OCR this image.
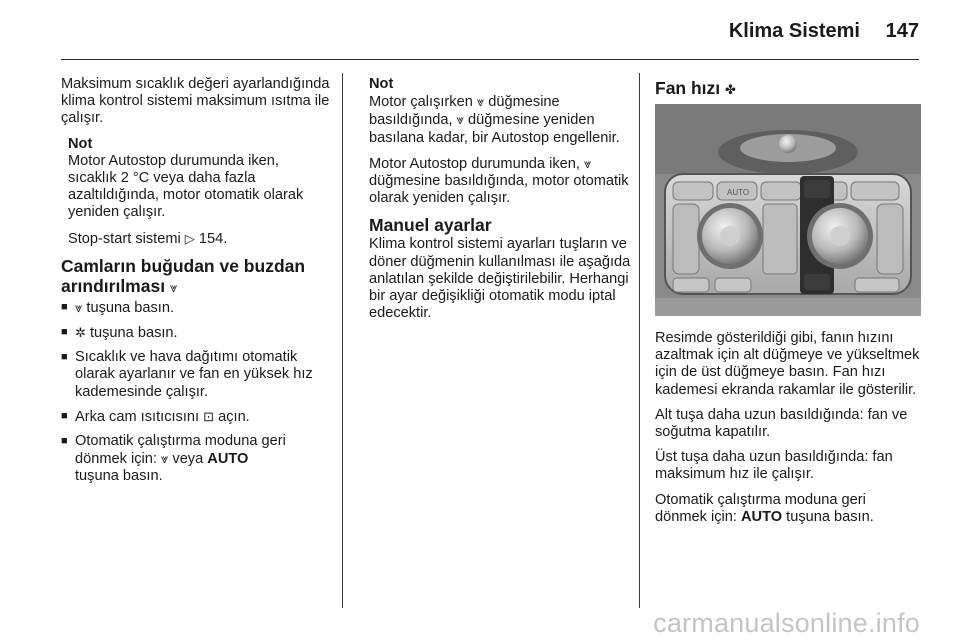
Klima Sistemi 147
Maksimum sıcaklık değeri ayarlandığında klima kontrol sistemi maksimum ısıtma ile çalışır.
Not
Motor Autostop durumunda iken, sıcaklık 2 °C veya daha fazla azaltıldığında, motor otomatik olarak yeniden çalışır.
Stop-start sistemi ▷ 154.
Camların buğudan ve buzdan arındırılması ⩔
■ ⩔ tuşuna basın.
■ ✲ tuşuna basın.
■ Sıcaklık ve hava dağıtımı otomatik olarak ayarlanır ve fan en yüksek hız kademesinde çalışır.
■ Arka cam ısıtıcısını ⊡ açın.
■ Otomatik çalıştırma moduna geri dönmek için: ⩔ veya AUTO
tuşuna basın.
Not
Motor çalışırken ⩔ düğmesine basıldığında, ⩔ düğmesine yeniden basılana kadar, bir Autostop engellenir.
Motor Autostop durumunda iken, ⩔ düğmesine basıldığında, motor otomatik olarak yeniden çalışır.
Manuel ayarlar
Klima kontrol sistemi ayarları tuşların ve döner düğmenin kullanılması ile aşağıda anlatılan şekilde değiştirilebilir. Herhangi bir ayar değişikliği otomatik modu iptal edecektir.
Fan hızı ✤
AUTO
Resimde gösterildiği gibi, fanın hızını azaltmak için alt düğmeye ve yükseltmek için de üst düğmeye basın. Fan hızı kademesi ekranda rakamlar ile gösterilir.
Alt tuşa daha uzun basıldığında: fan ve soğutma kapatılır.
Üst tuşa daha uzun basıldığında: fan maksimum hız ile çalışır.
Otomatik çalıştırma moduna geri dönmek için: AUTO tuşuna basın.
carmanualsonline.info
